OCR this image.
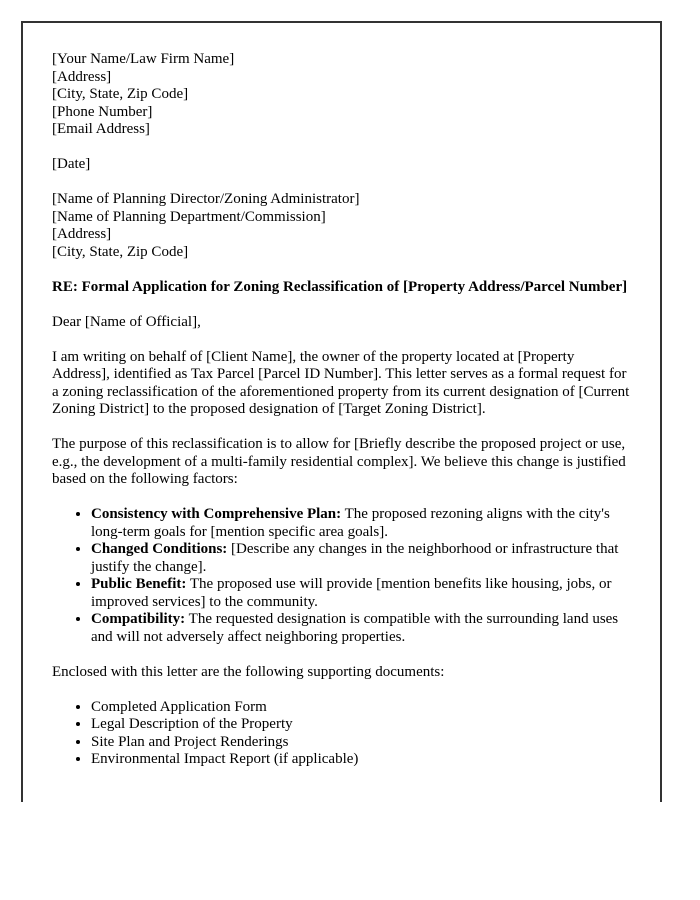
[Your Name/Law Firm Name]
[Address]
[City, State, Zip Code]
[Phone Number]
[Email Address]

[Date]

[Name of Planning Director/Zoning Administrator]
[Name of Planning Department/Commission]
[Address]
[City, State, Zip Code]

RE: Formal Application for Zoning Reclassification of [Property Address/Parcel Number]

Dear [Name of Official],

I am writing on behalf of [Client Name], the owner of the property located at [Property Address], identified as Tax Parcel [Parcel ID Number]. This letter serves as a formal request for a zoning reclassification of the aforementioned property from its current designation of [Current Zoning District] to the proposed designation of [Target Zoning District].

The purpose of this reclassification is to allow for [Briefly describe the proposed project or use, e.g., the development of a multi-family residential complex]. We believe this change is justified based on the following factors:

• Consistency with Comprehensive Plan: The proposed rezoning aligns with the city's long-term goals for [mention specific area goals].
• Changed Conditions: [Describe any changes in the neighborhood or infrastructure that justify the change].
• Public Benefit: The proposed use will provide [mention benefits like housing, jobs, or improved services] to the community.
• Compatibility: The requested designation is compatible with the surrounding land uses and will not adversely affect neighboring properties.

Enclosed with this letter are the following supporting documents:

• Completed Application Form
• Legal Description of the Property
• Site Plan and Project Renderings
• Environmental Impact Report (if applicable)
